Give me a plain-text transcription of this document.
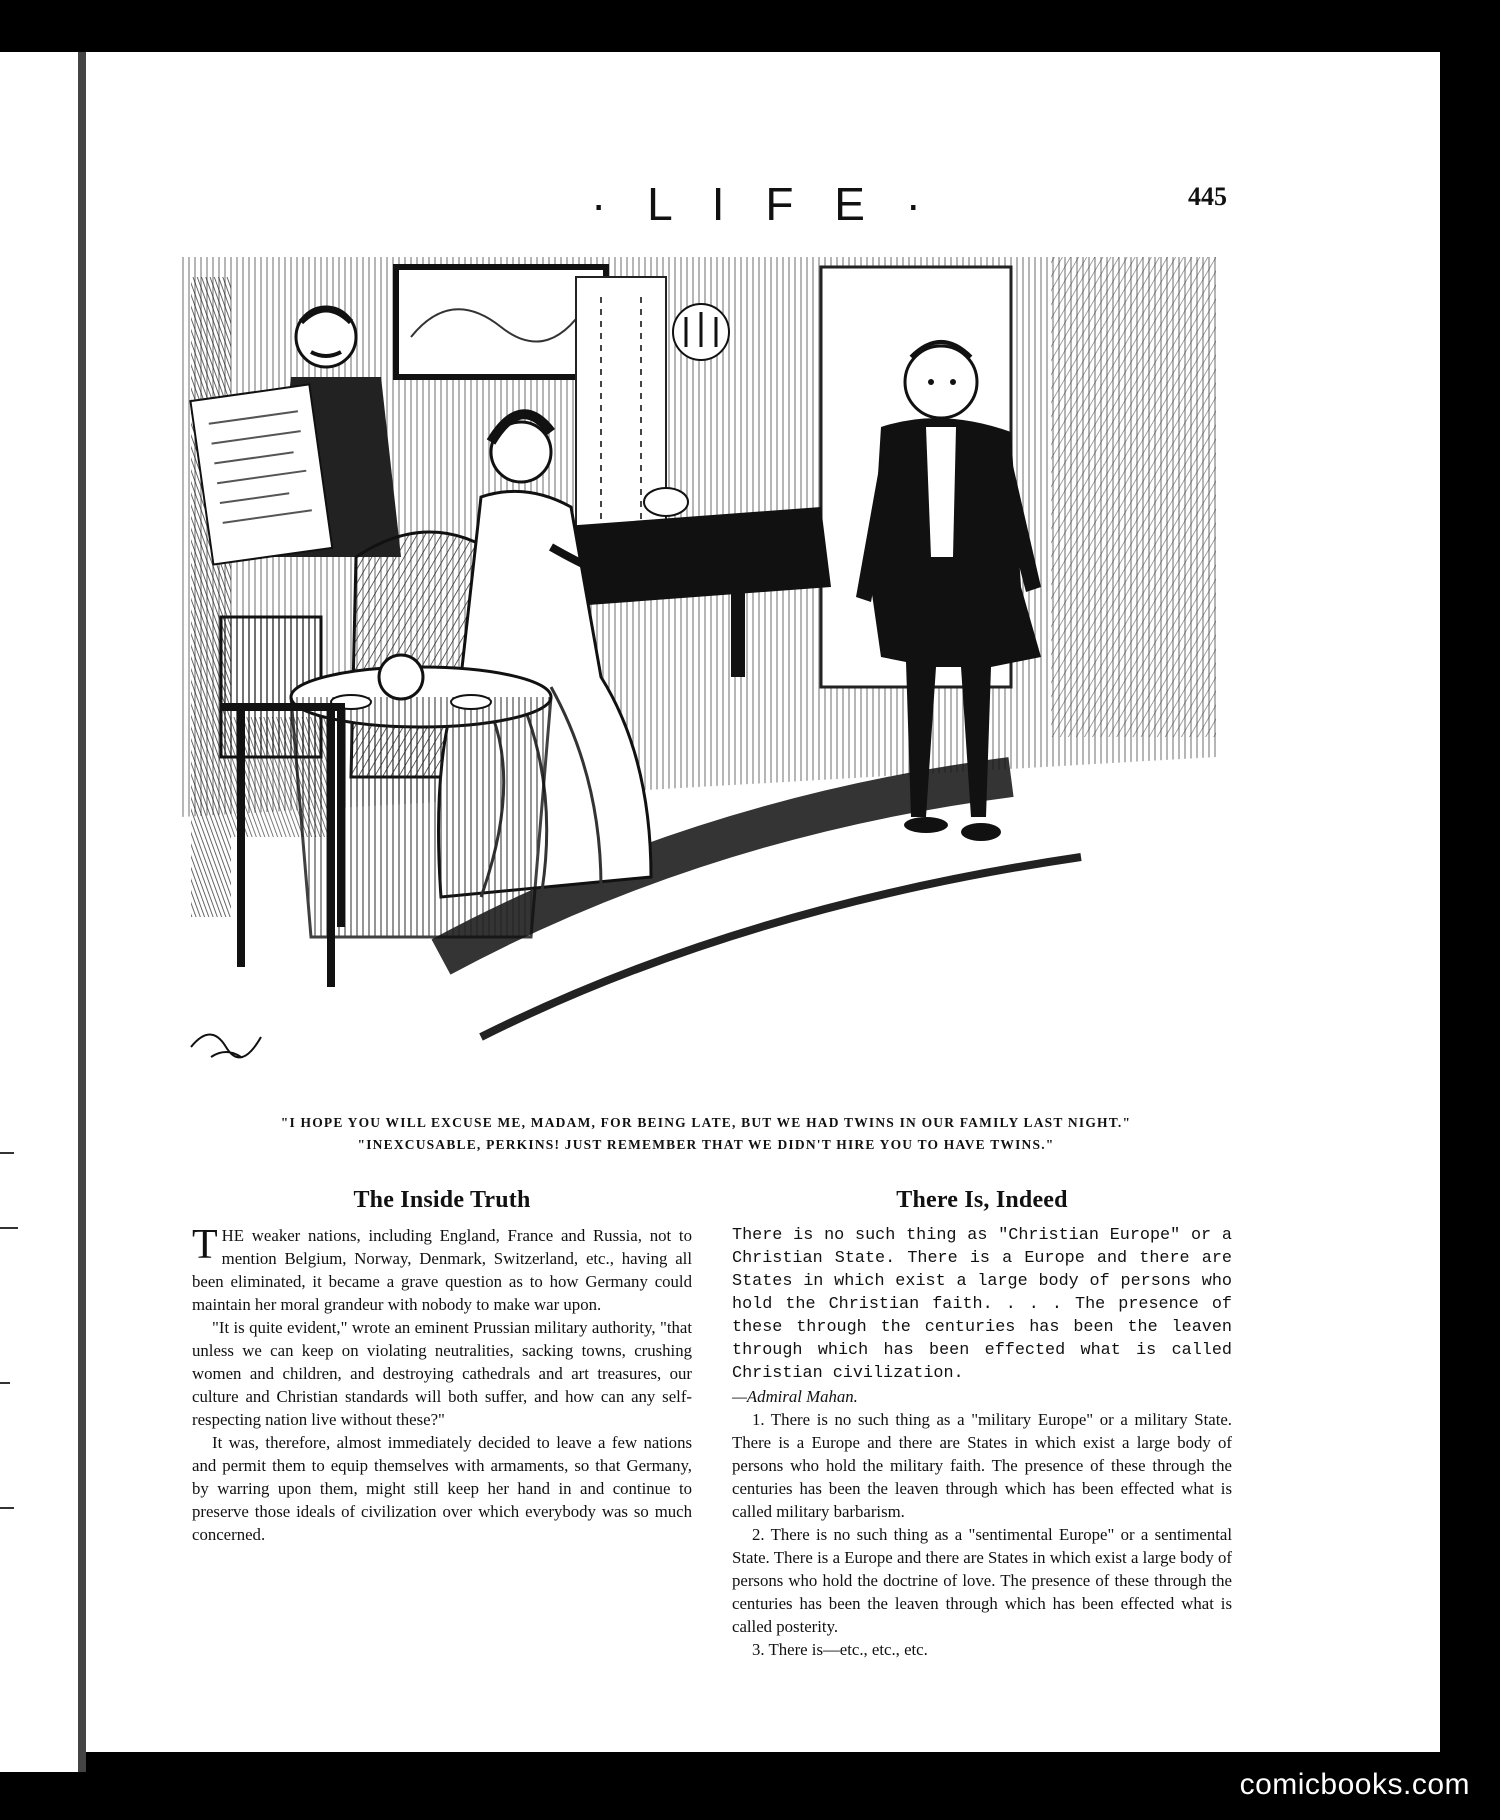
· L I F E ·	445
"I HOPE YOU WILL EXCUSE ME, MADAM, FOR BEING LATE, BUT WE HAD TWINS IN OUR FAMILY LAST NIGHT."
"INEXCUSABLE, PERKINS! JUST REMEMBER THAT WE DIDN'T HIRE YOU TO HAVE TWINS."
The Inside Truth

THE weaker nations, including England, France and Russia, not to mention Belgium, Norway, Denmark, Switzerland, etc., having all been eliminated, it became a grave question as to how Germany could maintain her moral grandeur with nobody to make war upon.

"It is quite evident," wrote an eminent Prussian military authority, "that unless we can keep on violating neutralities, sacking towns, crushing women and children, and destroying cathedrals and art treasures, our culture and Christian standards will both suffer, and how can any self-respecting nation live without these?"

It was, therefore, almost immediately decided to leave a few nations and permit them to equip themselves with armaments, so that Germany, by warring upon them, might still keep her hand in and continue to preserve those ideals of civilization over which everybody was so much concerned.

There Is, Indeed

There is no such thing as "Christian Europe" or a Christian State. There is a Europe and there are States in which exist a large body of persons who hold the Christian faith. . . . The presence of these through the centuries has been the leaven through which has been effected what is called Christian civilization.

—Admiral Mahan.

1. There is no such thing as a "military Europe" or a military State. There is a Europe and there are States in which exist a large body of persons who hold the military faith. The presence of these through the centuries has been the leaven through which has been effected what is called military barbarism.

2. There is no such thing as a "sentimental Europe" or a sentimental State. There is a Europe and there are States in which exist a large body of persons who hold the doctrine of love. The presence of these through the centuries has been the leaven through which has been effected what is called posterity.

3. There is—etc., etc., etc.

comicbooks.com
